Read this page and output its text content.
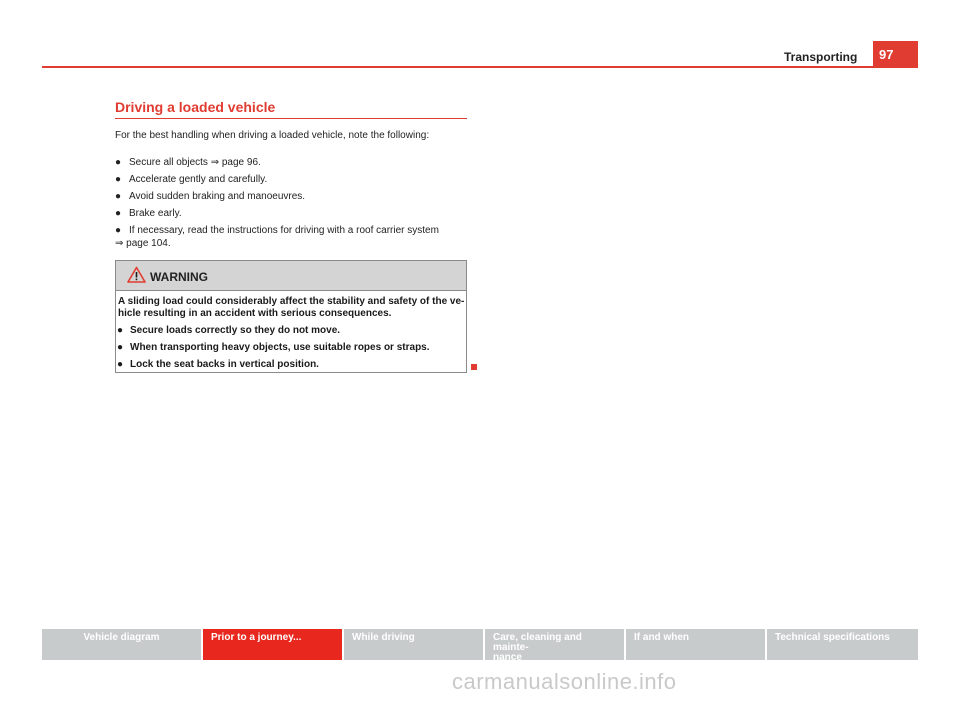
Transporting	97
Driving a loaded vehicle
For the best handling when driving a loaded vehicle, note the following:
● Secure all objects ⇒ page 96.
● Accelerate gently and carefully.
● Avoid sudden braking and manoeuvres.
● Brake early.
● If necessary, read the instructions for driving with a roof carrier system
⇒ page 104.
WARNING
A sliding load could considerably affect the stability and safety of the ve-
hicle resulting in an accident with serious consequences.
● Secure loads correctly so they do not move.
● When transporting heavy objects, use suitable ropes or straps.
● Lock the seat backs in vertical position.
Vehicle diagram	Prior to a journey...	While driving	Care, cleaning and mainte-
nance
If and when	Technical specifications
carmanualsonline.info
